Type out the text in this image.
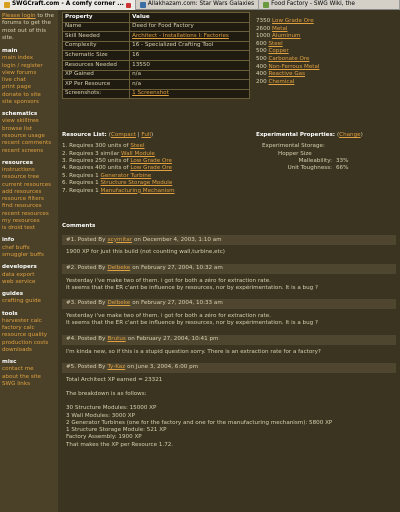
SWGCraft.com - A comfy corner ...	Allakhazam.com: Star Wars Galaxies	Food Factory - SWG Wiki, the
Please login to the forums to get the most out of this site.
main
main index
login / register
view forums
live chat
print page
donate to site
site sponsors
schematics
view skilltree
browse list
resource usage
recent comments
recent screens
resources
instructions
resource tree
current resources
add resources
resource filters
find resources
recent resources
my resources
is droid test
info
chef buffs
smuggler buffs
developers
data export
web service
guides
crafting guide
tools
harvester calc
factory calc
resource quality
production costs
downloads
misc
contact me
about the site
SWG links
Property	Value
Name	Deed for Food Factory
Skill Needed	Architect - Installations I: Factories
Complexity	16 - Specialized Crafting Tool
Schematic Size	16
Resources Needed	13550
XP Gained	n/a
XP Per Resource	n/a
Screenshots:	1 Screenshot
7350 Low Grade Ore
2600 Metal
1000 Aluminum
600 Steel
500 Copper
500 Carbonate Ore
400 Non-Ferrous Metal
400 Reactive Gas
200 Chemical
Resource List: (Compact | Full)
1. Requires 300 units of Steel
2. Requires 3 similar Wall Module
3. Requires 250 units of Low Grade Ore
4. Requires 400 units of Low Grade Ore
5. Requires 1 Generator Turbine
6. Requires 1 Structure Storage Module
7. Requires 1 Manufacturing Mechanism
Experimental Properties: (Change)
Experimental Storage:
Hopper Size
Malleability: 33%
Unit Toughness: 66%
Comments
#1. Posted By xcymitar on December 4, 2003, 1:10 am
1900 XP for just this build (not counting wall,turbine,etc)
#2. Posted By Delbeke on February 27, 2004, 10:32 am
Yesterday i've make two of them. i got for both a zéro for extraction rate.
It seems that the ER c'ant be influence by resources, nor by expérimentation. It is a bug ?
#3. Posted By Delbeke on February 27, 2004, 10:33 am
Yesterday i've make two of them. i got for both a zéro for extraction rate.
It seems that the ER c'ant be influence by resources, nor by expérimentation. It is a bug ?
#4. Posted By Brutus on February 27, 2004, 10:41 pm
I'm kinda new, so if this is a stupid question sorry. There is an extraction rate for a factory?
#5. Posted By Ty-Kaz on June 3, 2004, 6:00 pm
Total Architect XP earned = 23321
The breakdown is as follows:
30 Structure Modules: 15000 XP
3 Wall Modules: 3000 XP
2 Generator Turbines (one for the factory and one for the manufacturing mechanism): 5800 XP
1 Structure Storage Module: 521 XP
Factory Assembly: 1900 XP
That makes the XP per Resource 1.72.
